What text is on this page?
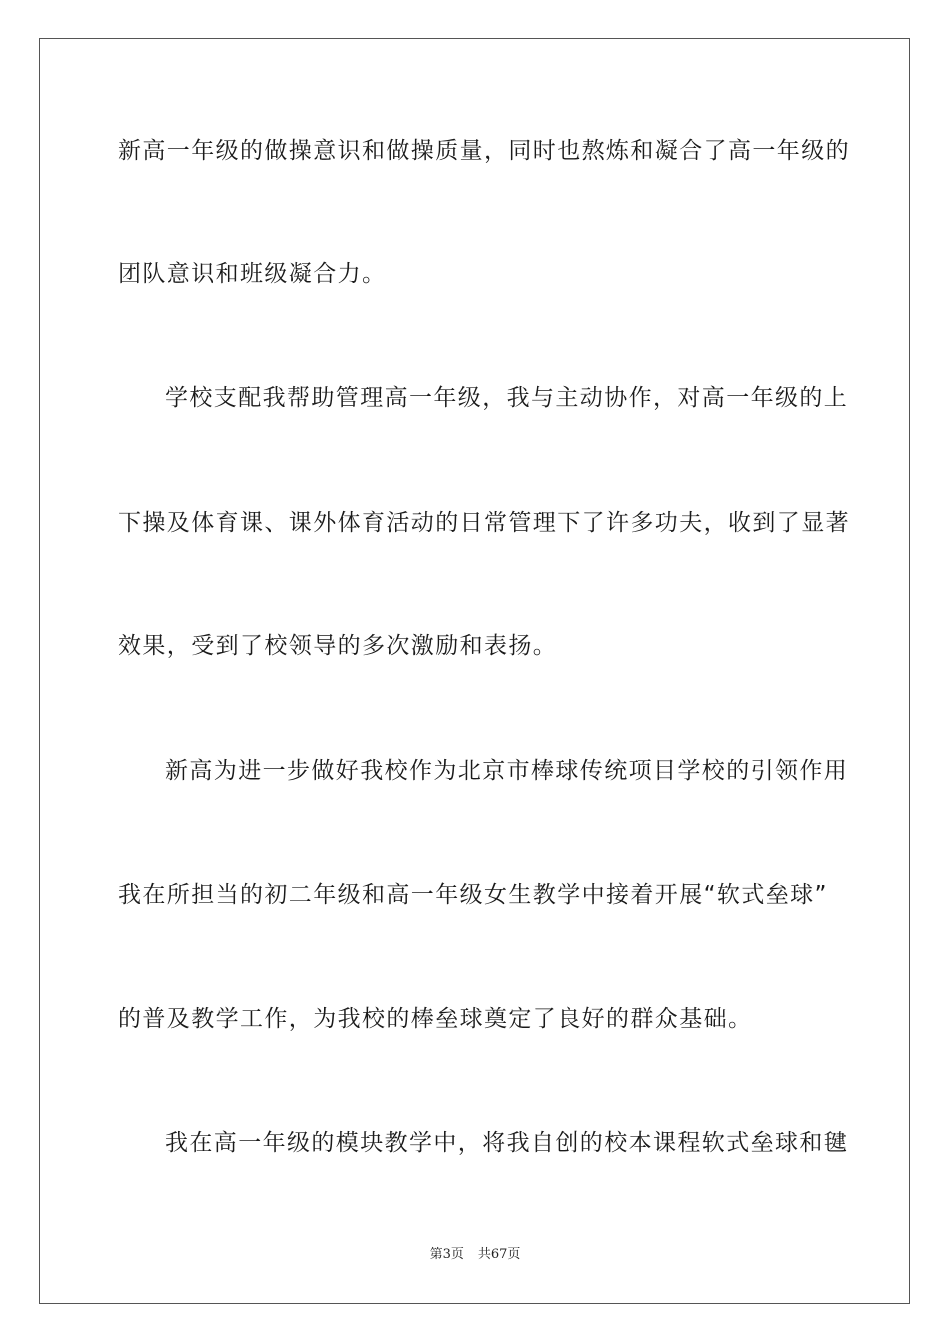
新高一年级的做操意识和做操质量，同时也熬炼和凝合了高一年级的
团队意识和班级凝合力。
学校支配我帮助管理高一年级，我与主动协作，对高一年级的上
下操及体育课、课外体育活动的日常管理下了许多功夫，收到了显著
效果，受到了校领导的多次激励和表扬。
新高为进一步做好我校作为北京市棒球传统项目学校的引领作用
我在所担当的初二年级和高一年级女生教学中接着开展“软式垒球”
的普及教学工作，为我校的棒垒球奠定了良好的群众基础。
我在高一年级的模块教学中，将我自创的校本课程软式垒球和毽
第3页 共67页
